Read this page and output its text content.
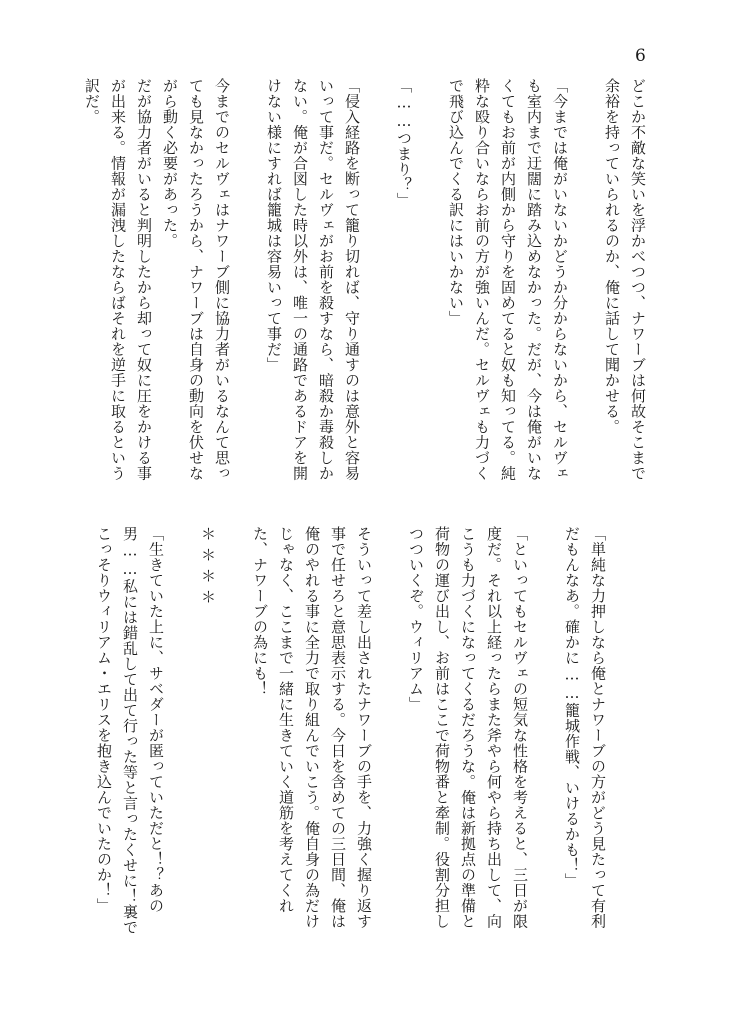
6

どこか不敵な笑いを浮かべつつ、ナワーブは何故そこまで余裕を持っていられるのか、俺に話して聞かせる。

「今までは俺がいないかどうか分からないから、セルヴェも室内まで迂闊に踏み込めなかった。だが、今は俺がいなくてもお前が内側から守りを固めてると奴も知ってる。純粋な殴り合いならお前の方が強いんだ。セルヴェも力づくで飛び込んでくる訳にはいかない」

「……つまり？」

「侵入経路を断って籠り切れば、守り通すのは意外と容易いって事だ。セルヴェがお前を殺すなら、暗殺か毒殺しかない。俺が合図した時以外は、唯一の通路であるドアを開けない様にすれば籠城は容易いって事だ」

今までのセルヴェはナワーブ側に協力者がいるなんて思っても見なかったろうから、ナワーブは自身の動向を伏せながら動く必要があった。

だが協力者がいると判明したから却って奴に圧をかける事が出来る。情報が漏洩したならばそれを逆手に取るという訳だ。

「単純な力押しなら俺とナワーブの方がどう見たって有利だもんなあ。確かに……籠城作戦、いけるかも！」

「といってもセルヴェの短気な性格を考えると、三日が限度だ。それ以上経ったらまた斧やら何やら持ち出して、向こうも力づくになってくるだろうな。俺は新拠点の準備と荷物の運び出し、お前はここで荷物番と牽制。役割分担しつついくぞ。ウィリアム」

そういって差し出されたナワーブの手を、力強く握り返す事で任せろと意思表示する。今日を含めての三日間、俺は俺のやれる事に全力で取り組んでいこう。俺自身の為だけじゃなく、ここまで一緒に生きていく道筋を考えてくれた、ナワーブの為にも！

＊＊＊＊

「生きていた上に、サベダーが匿っていただと！？あの男……私には錯乱して出て行った等と言ったくせに！裏でこっそりウィリアム・エリスを抱き込んでいたのか！」
